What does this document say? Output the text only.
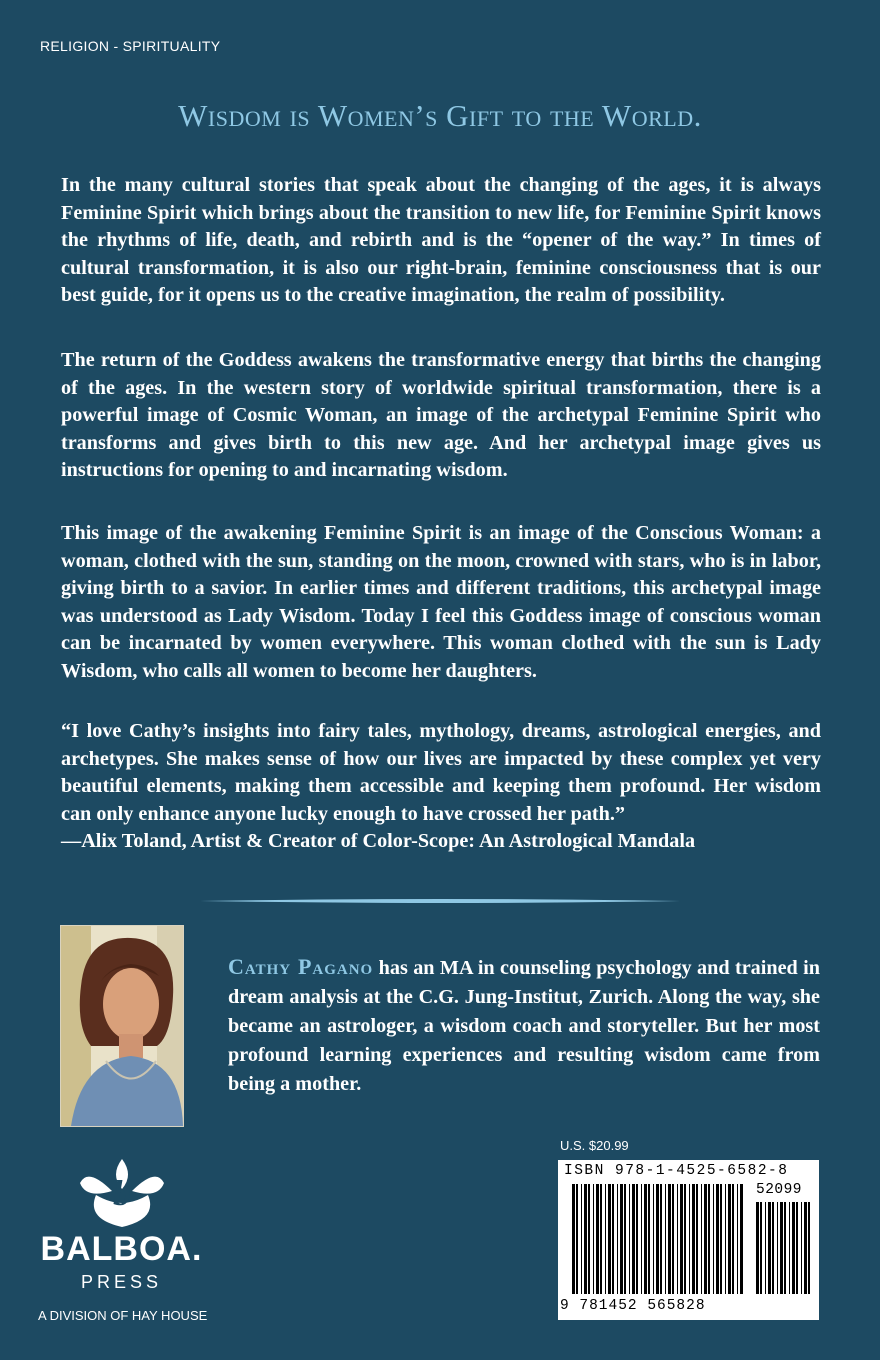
RELIGION - SPIRITUALITY
Wisdom is Women’s Gift to the World.

In the many cultural stories that speak about the changing of the ages, it is always Feminine Spirit which brings about the transition to new life, for Feminine Spirit knows the rhythms of life, death, and rebirth and is the “opener of the way.” In times of cultural transformation, it is also our right-brain, feminine consciousness that is our best guide, for it opens us to the creative imagination, the realm of possibility.

The return of the Goddess awakens the transformative energy that births the changing of the ages. In the western story of worldwide spiritual transformation, there is a powerful image of Cosmic Woman, an image of the archetypal Feminine Spirit who transforms and gives birth to this new age. And her archetypal image gives us instructions for opening to and incarnating wisdom.

This image of the awakening Feminine Spirit is an image of the Conscious Woman: a woman, clothed with the sun, standing on the moon, crowned with stars, who is in labor, giving birth to a savior. In earlier times and different traditions, this archetypal image was understood as Lady Wisdom. Today I feel this Goddess image of conscious woman can be incarnated by women everywhere. This woman clothed with the sun is Lady Wisdom, who calls all women to become her daughters.

“I love Cathy’s insights into fairy tales, mythology, dreams, astrological energies, and archetypes. She makes sense of how our lives are impacted by these complex yet very beautiful elements, making them accessible and keeping them profound. Her wisdom can only enhance anyone lucky enough to have crossed her path.”
—Alix Toland, Artist & Creator of Color-Scope: An Astrological Mandala

Cathy Pagano has an MA in counseling psychology and trained in dream analysis at the C.G. Jung-Institut, Zurich. Along the way, she became an astrologer, a wisdom coach and storyteller. But her most profound learning experiences and resulting wisdom came from being a mother.

b
BALBOA.
PRESS
A DIVISION OF HAY HOUSE
U.S. $20.99
ISBN 978-1-4525-6582-8
52099
9 781452 565828
